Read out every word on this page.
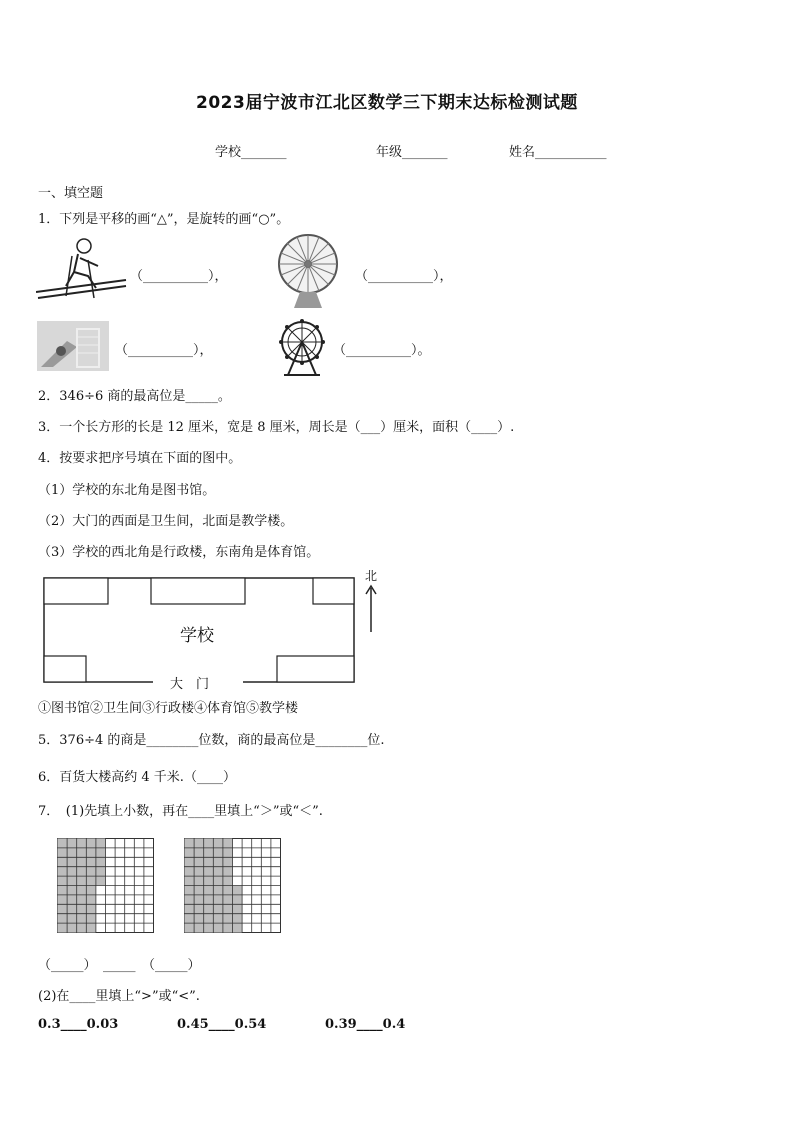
2023届宁波市江北区数学三下期末达标检测试题
学校_______	年级_______	姓名___________
一、填空题
1．下列是平移的画“△”，是旋转的画“○”。
（__________），	（__________），
（__________），	（__________）。
2．346÷6 商的最高位是_____。
3．一个长方形的长是 12 厘米，宽是 8 厘米，周长是（___）厘米，面积（____）.
4．按要求把序号填在下面的图中。
（1）学校的东北角是图书馆。
（2）大门的西面是卫生间，北面是教学楼。
（3）学校的西北角是行政楼，东南角是体育馆。
学校
大　门
北
①图书馆②卫生间③行政楼④体育馆⑤教学楼
5．376÷4 的商是________位数，商的最高位是________位.
6．百货大楼高约 4 千米.（____）
7．　(1)先填上小数，再在____里填上“＞”或“＜”.
（_____）　_____　（_____）
(2)在____里填上“>”或“<”.
0.3____0.03	0.45____0.54	0.39____0.4
